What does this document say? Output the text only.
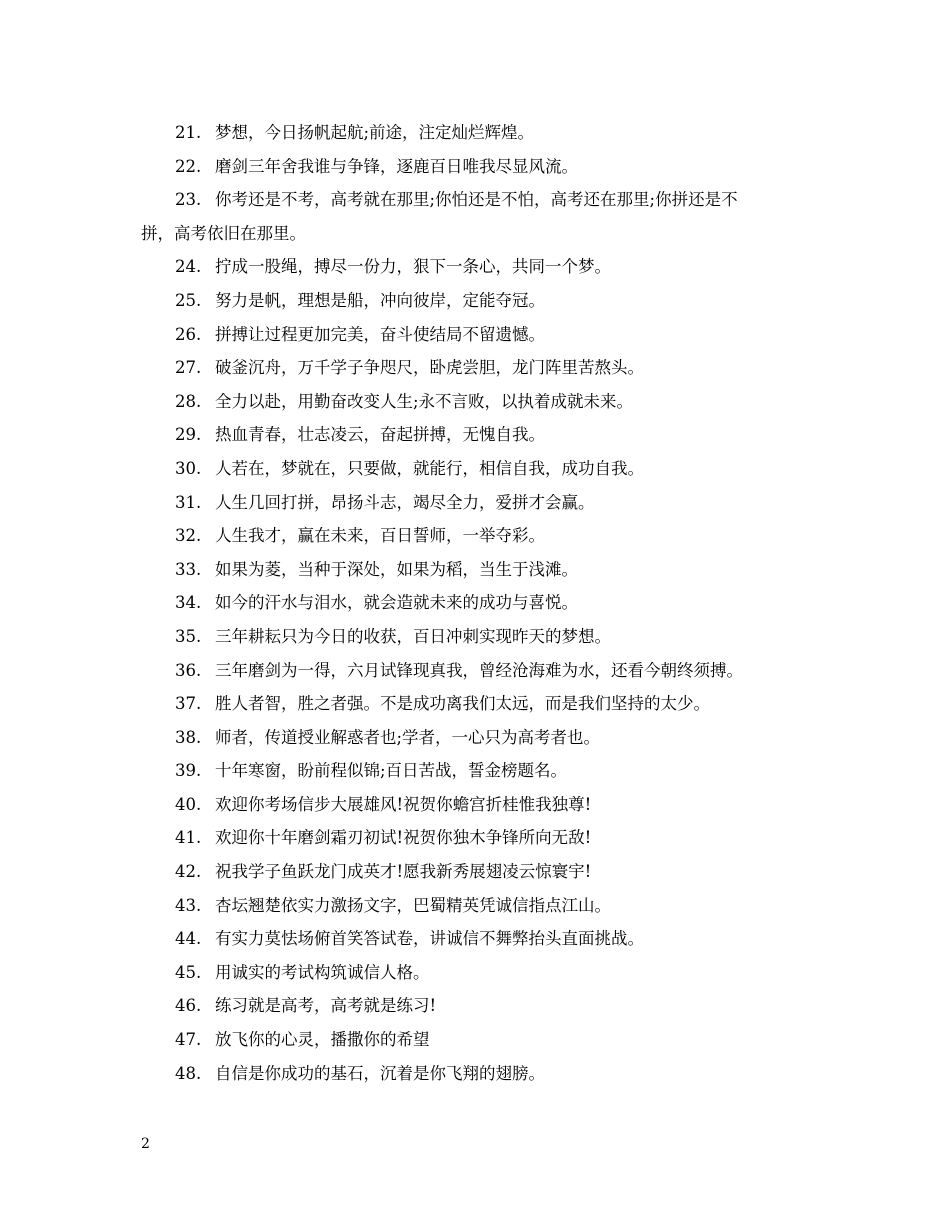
21. 梦想，今日扬帆起航;前途，注定灿烂辉煌。
22. 磨剑三年舍我谁与争锋，逐鹿百日唯我尽显风流。
23. 你考还是不考，高考就在那里;你怕还是不怕，高考还在那里;你拼还是不
拼，高考依旧在那里。
24. 拧成一股绳，搏尽一份力，狠下一条心，共同一个梦。
25. 努力是帆，理想是船，冲向彼岸，定能夺冠。
26. 拼搏让过程更加完美，奋斗使结局不留遗憾。
27. 破釜沉舟，万千学子争咫尺，卧虎尝胆，龙门阵里苦熬头。
28. 全力以赴，用勤奋改变人生;永不言败，以执着成就未来。
29. 热血青春，壮志凌云，奋起拼搏，无愧自我。
30. 人若在，梦就在，只要做，就能行，相信自我，成功自我。
31. 人生几回打拼，昂扬斗志，竭尽全力，爱拼才会赢。
32. 人生我才，赢在未来，百日誓师，一举夺彩。
33. 如果为菱，当种于深处，如果为稻，当生于浅滩。
34. 如今的汗水与泪水，就会造就未来的成功与喜悦。
35. 三年耕耘只为今日的收获，百日冲刺实现昨天的梦想。
36. 三年磨剑为一得，六月试锋现真我，曾经沧海难为水，还看今朝终须搏。
37. 胜人者智，胜之者强。不是成功离我们太远，而是我们坚持的太少。
38. 师者，传道授业解惑者也;学者，一心只为高考者也。
39. 十年寒窗，盼前程似锦;百日苦战，誓金榜题名。
40. 欢迎你考场信步大展雄风!祝贺你蟾宫折桂惟我独尊!
41. 欢迎你十年磨剑霜刃初试!祝贺你独木争锋所向无敌!
42. 祝我学子鱼跃龙门成英才!愿我新秀展翅凌云惊寰宇!
43. 杏坛翘楚依实力激扬文字，巴蜀精英凭诚信指点江山。
44. 有实力莫怯场俯首笑答试卷，讲诚信不舞弊抬头直面挑战。
45. 用诚实的考试构筑诚信人格。
46. 练习就是高考，高考就是练习!
47. 放飞你的心灵，播撒你的希望
48. 自信是你成功的基石，沉着是你飞翔的翅膀。
2
